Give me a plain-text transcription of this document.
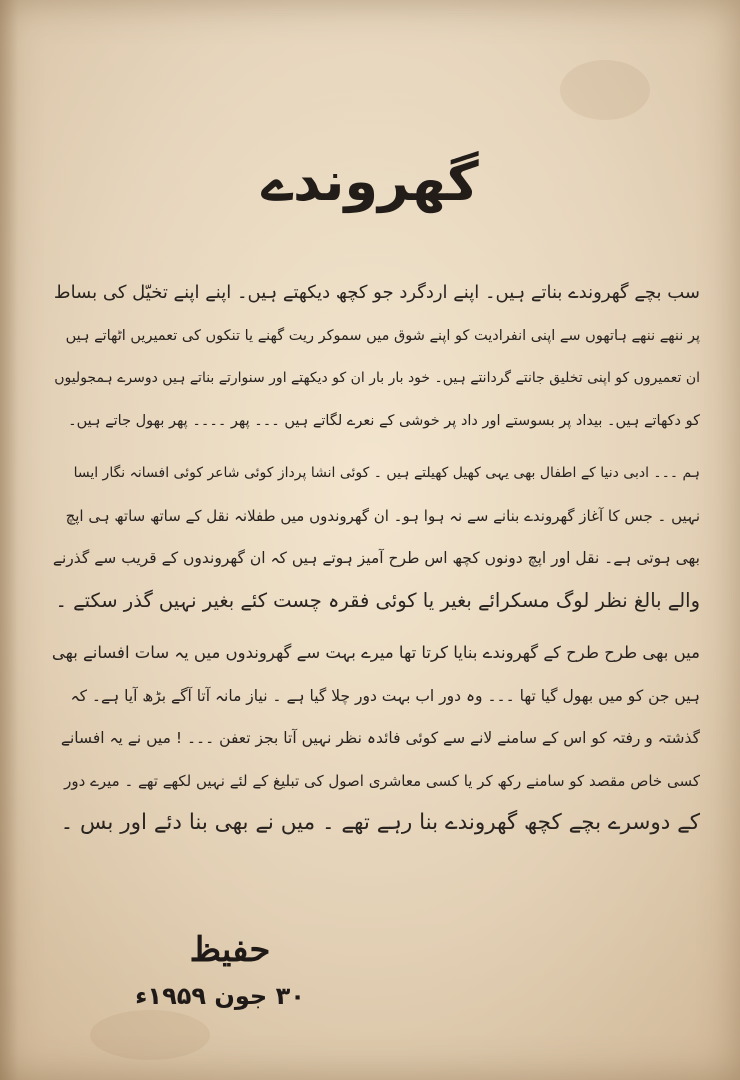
گھروندے

سب بچے گھروندے بناتے ہیں۔ اپنے اردگرد جو کچھ دیکھتے ہیں۔ اپنے اپنے تخیّل کی بساط
پر ننھے ننھے ہاتھوں سے اپنی انفرادیت کو اپنے شوق میں سموکر ریت گھنے یا تنکوں کی تعمیریں اٹھاتے ہیں
ان تعمیروں کو اپنی تخلیق جانتے گردانتے ہیں۔ خود بار بار ان کو دیکھتے اور سنوارتے بناتے ہیں دوسرے ہمجولیوں
کو دکھاتے ہیں۔ بیداد پر بسوستے اور داد پر خوشی کے نعرے لگاتے ہیں ۔۔۔ پھر ۔۔۔۔ پھر بھول جاتے ہیں۔

ہم ۔۔۔ ادبی دنیا کے اطفال بھی یہی کھیل کھیلتے ہیں ۔ کوئی انشا پرداز کوئی شاعر کوئی افسانہ نگار ایسا
نہیں ۔ جس کا آغاز گھروندے بنانے سے نہ ہوا ہو۔ ان گھروندوں میں طفلانہ نقل کے ساتھ ساتھ ہی اپچ
بھی ہوتی ہے۔ نقل اور اپچ دونوں کچھ اس طرح آمیز ہوتے ہیں کہ ان گھروندوں کے قریب سے گذرنے
والے بالغ نظر لوگ مسکرائے بغیر یا کوئی فقرہ چست کئے بغیر نہیں گذر سکتے ۔

میں بھی طرح طرح کے گھروندے بنایا کرتا تھا میرے بہت سے گھروندوں میں یہ سات افسانے بھی
ہیں جن کو میں بھول گیا تھا ۔۔۔ وہ دور اب بہت دور چلا گیا ہے ۔ نیاز مانہ آتا آگے بڑھ آیا ہے۔ کہ
گذشتہ و رفتہ کو اس کے سامنے لانے سے کوئی فائدہ نظر نہیں آتا بجز تعفن ۔۔۔ ! میں نے یہ افسانے
کسی خاص مقصد کو سامنے رکھ کر یا کسی معاشری اصول کی تبلیغ کے لئے نہیں لکھے تھے ۔ میرے دور
کے دوسرے بچے کچھ گھروندے بنا رہے تھے ۔ میں نے بھی بنا دئے اور بس ۔

حفیظ
۳۰ جون ۱۹۵۹ء
